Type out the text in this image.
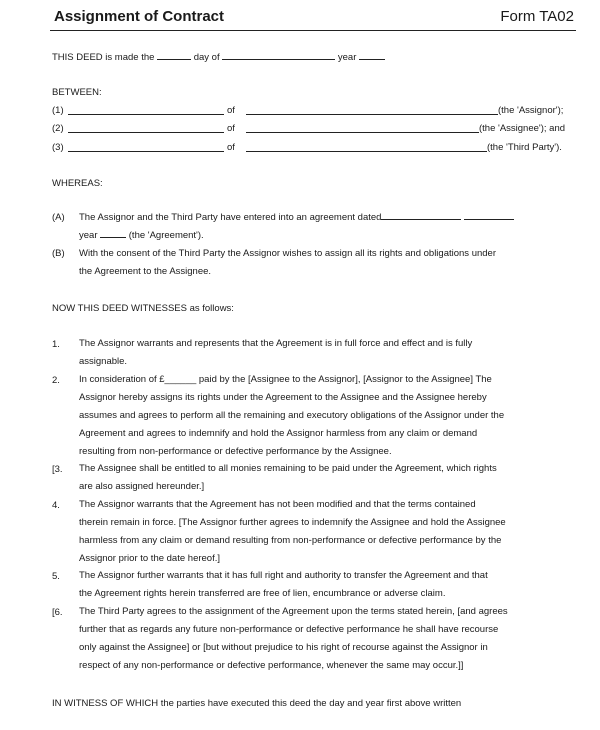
Assignment of Contract	Form TA02
THIS DEED is made the	day of	year
BETWEEN:
(1)	of	(the 'Assignor');
(2)	of	(the 'Assignee'); and
(3)	of	(the 'Third Party').
WHEREAS:
(A) The Assignor and the Third Party have entered into an agreement dated
year	(the 'Agreement').
(B) With the consent of the Third Party the Assignor wishes to assign all its rights and obligations under
the Agreement to the Assignee.
NOW THIS DEED WITNESSES as follows:
1. The Assignor warrants and represents that the Agreement is in full force and effect and is fully
assignable.
2. In consideration of £______ paid by the [Assignee to the Assignor], [Assignor to the Assignee] The
Assignor hereby assigns its rights under the Agreement to the Assignee and the Assignee hereby
assumes and agrees to perform all the remaining and executory obligations of the Assignor under the
Agreement and agrees to indemnify and hold the Assignor harmless from any claim or demand
resulting from non-performance or defective performance by the Assignee.
[3. The Assignee shall be entitled to all monies remaining to be paid under the Agreement, which rights
are also assigned hereunder.]
4. The Assignor warrants that the Agreement has not been modified and that the terms contained
therein remain in force. [The Assignor further agrees to indemnify the Assignee and hold the Assignee
harmless from any claim or demand resulting from non-performance or defective performance by the
Assignor prior to the date hereof.]
5. The Assignor further warrants that it has full right and authority to transfer the Agreement and that
the Agreement rights herein transferred are free of lien, encumbrance or adverse claim.
[6. The Third Party agrees to the assignment of the Agreement upon the terms stated herein, [and agrees
further that as regards any future non-performance or defective performance he shall have recourse
only against the Assignee] or [but without prejudice to his right of recourse against the Assignor in
respect of any non-performance or defective performance, whenever the same may occur.]]
IN WITNESS OF WHICH the parties have executed this deed the day and year first above written
